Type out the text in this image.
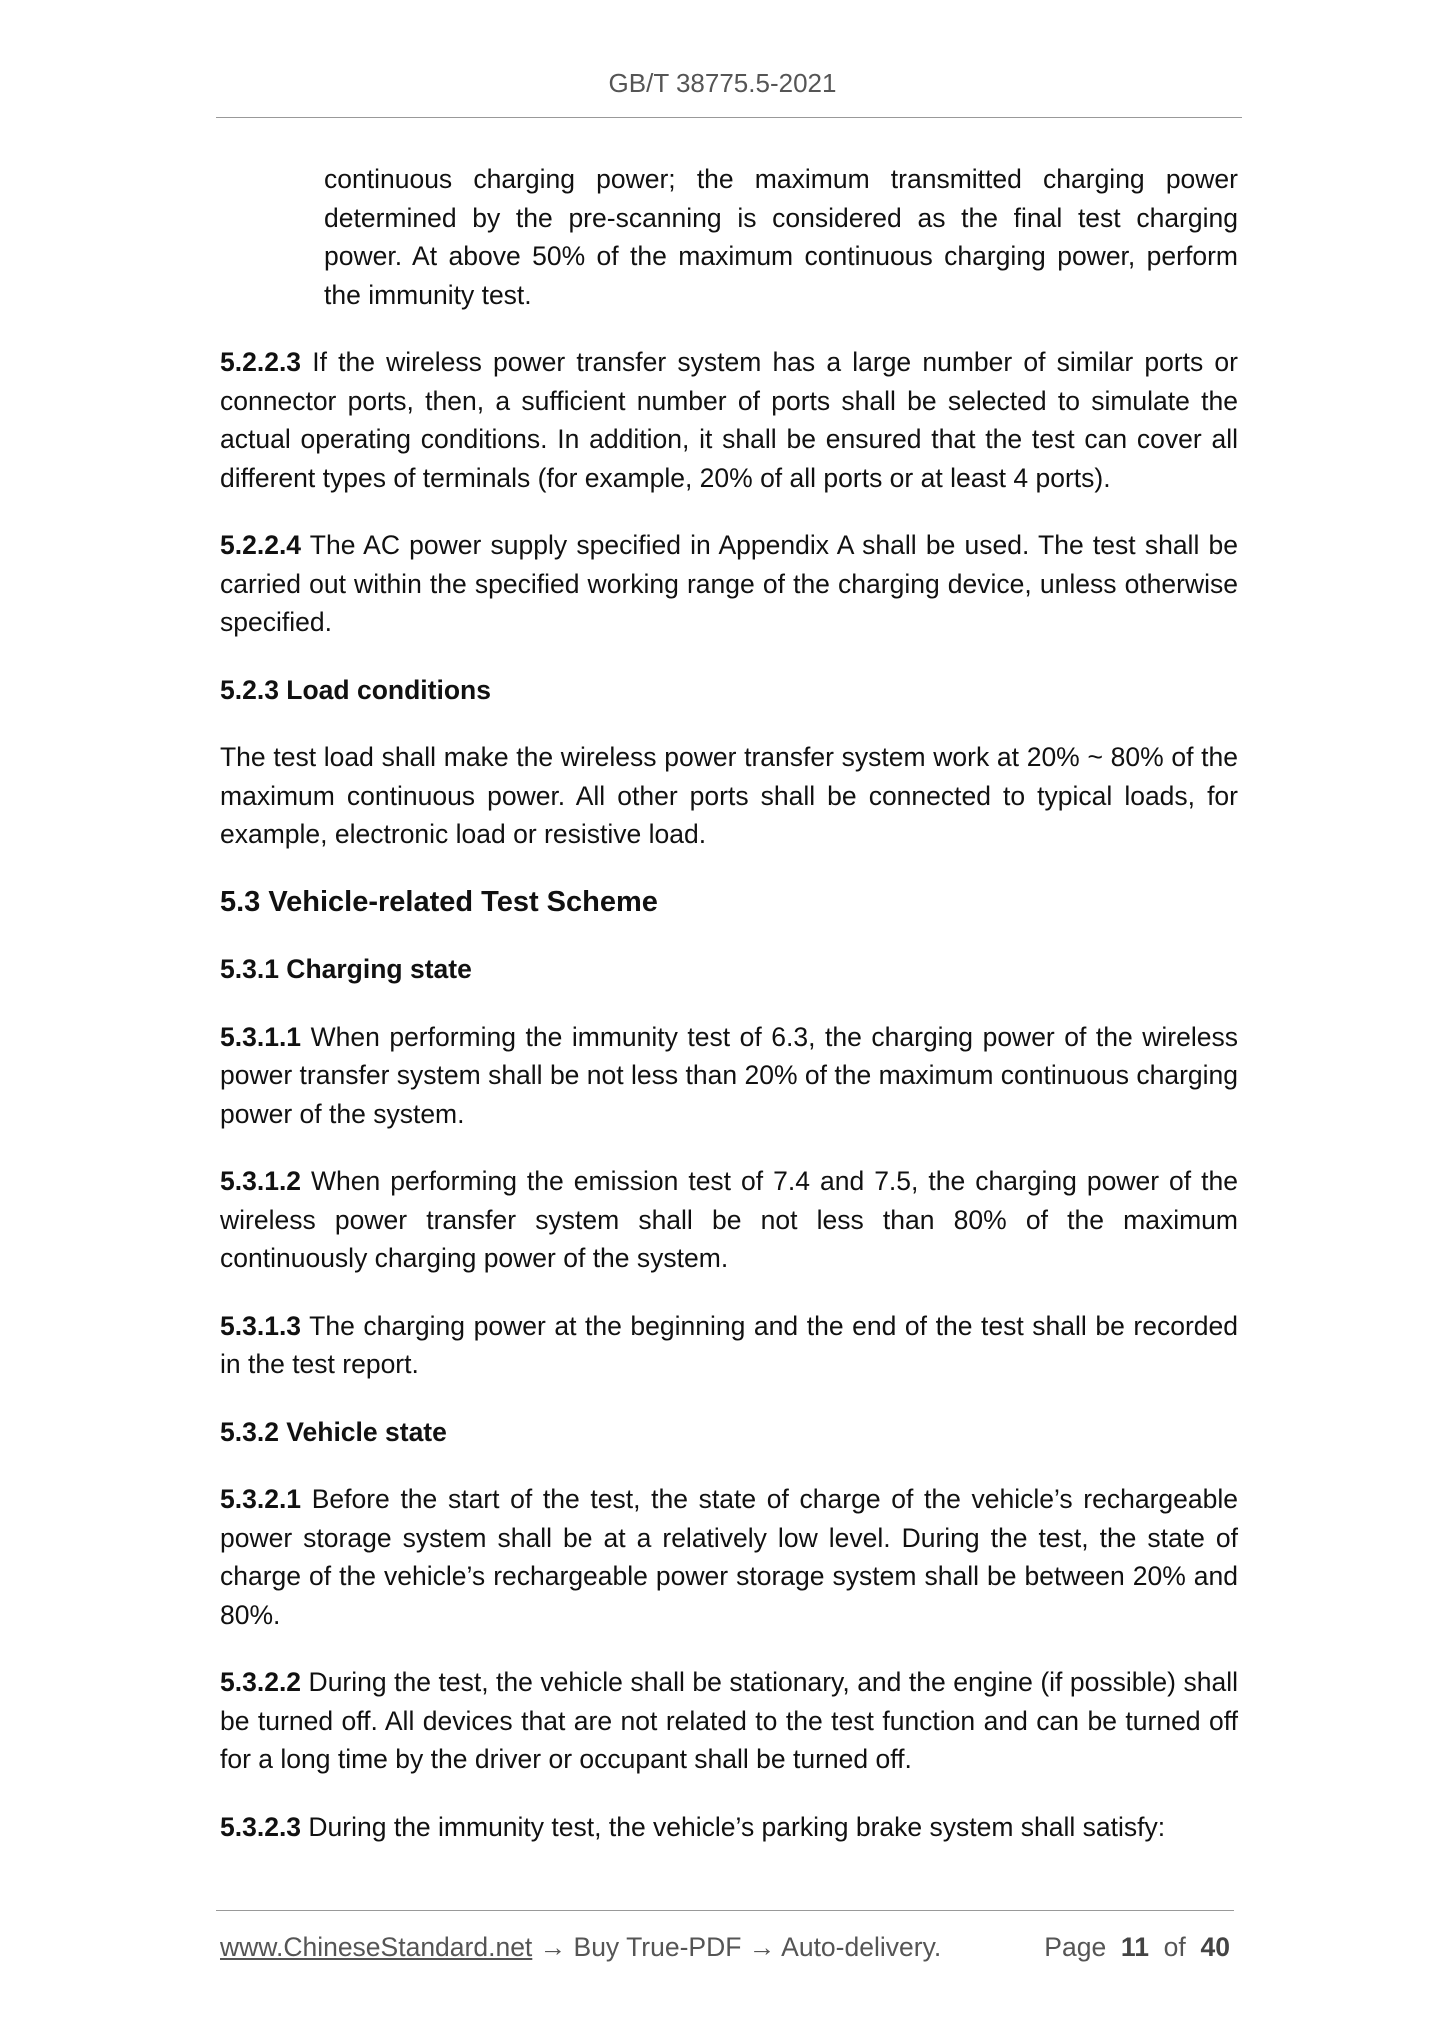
GB/T 38775.5-2021

continuous charging power; the maximum transmitted charging power determined by the pre-scanning is considered as the final test charging power. At above 50% of the maximum continuous charging power, perform the immunity test.

5.2.2.3 If the wireless power transfer system has a large number of similar ports or connector ports, then, a sufficient number of ports shall be selected to simulate the actual operating conditions. In addition, it shall be ensured that the test can cover all different types of terminals (for example, 20% of all ports or at least 4 ports).

5.2.2.4 The AC power supply specified in Appendix A shall be used. The test shall be carried out within the specified working range of the charging device, unless otherwise specified.

5.2.3 Load conditions

The test load shall make the wireless power transfer system work at 20% ~ 80% of the maximum continuous power. All other ports shall be connected to typical loads, for example, electronic load or resistive load.

5.3 Vehicle-related Test Scheme
5.3.1 Charging state

5.3.1.1 When performing the immunity test of 6.3, the charging power of the wireless power transfer system shall be not less than 20% of the maximum continuous charging power of the system.

5.3.1.2 When performing the emission test of 7.4 and 7.5, the charging power of the wireless power transfer system shall be not less than 80% of the maximum continuously charging power of the system.

5.3.1.3 The charging power at the beginning and the end of the test shall be recorded in the test report.

5.3.2 Vehicle state

5.3.2.1 Before the start of the test, the state of charge of the vehicle’s rechargeable power storage system shall be at a relatively low level. During the test, the state of charge of the vehicle’s rechargeable power storage system shall be between 20% and 80%.

5.3.2.2 During the test, the vehicle shall be stationary, and the engine (if possible) shall be turned off. All devices that are not related to the test function and can be turned off for a long time by the driver or occupant shall be turned off.

5.3.2.3 During the immunity test, the vehicle’s parking brake system shall satisfy:

www.ChineseStandard.net → Buy True-PDF → Auto-delivery.	Page 11 of 40
